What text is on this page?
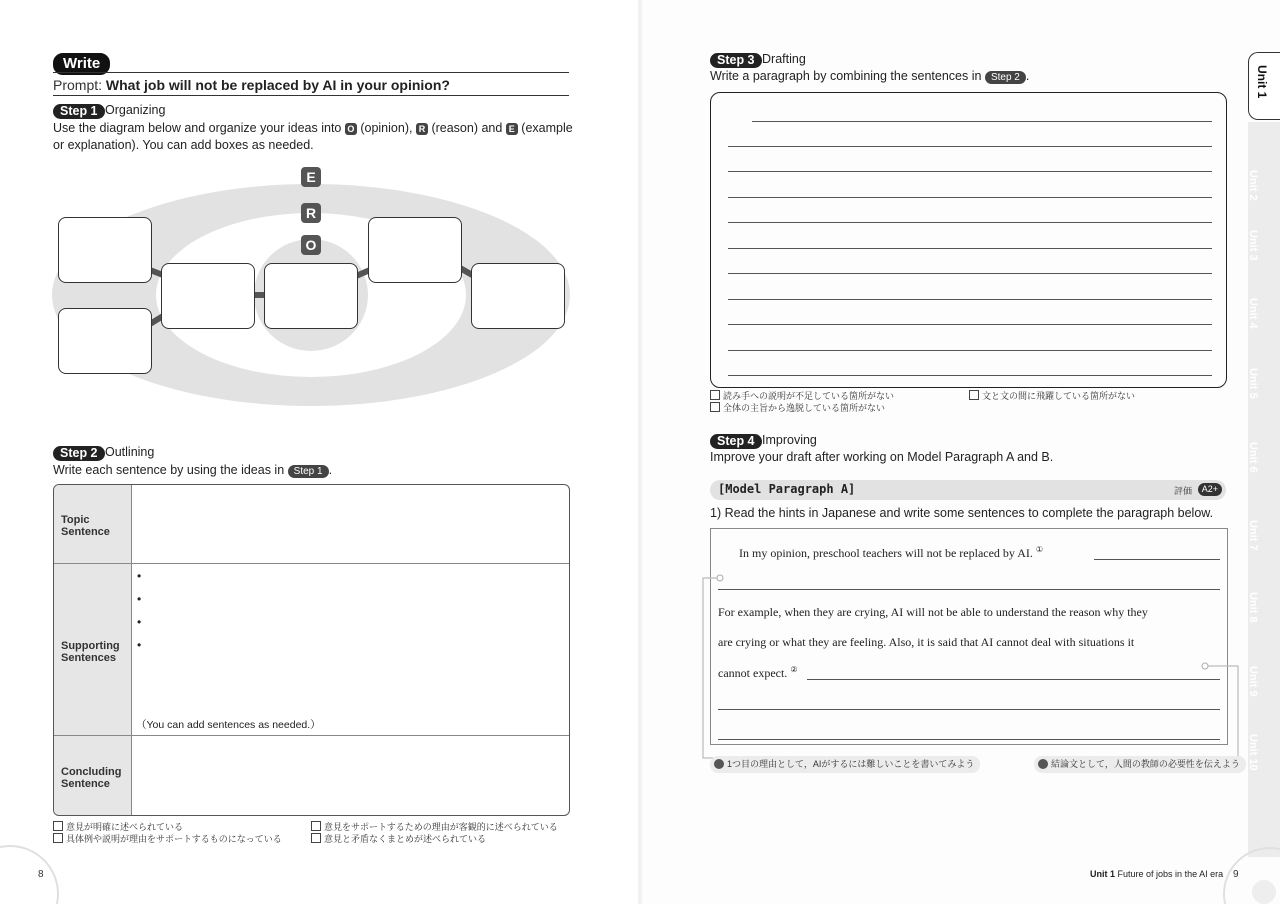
Write
Prompt: What job will not be replaced by AI in your opinion?
Step 1 Organizing
Use the diagram below and organize your ideas into O (opinion), R (reason) and E (example
or explanation). You can add boxes as needed.
E
R
O
Step 2 Outlining
Write each sentence by using the ideas in Step 1 .
Topic
Sentence
Supporting
Sentences
Concluding
Sentence
•
•
•
•
（You can add sentences as needed.）
意見が明確に述べられている
具体例や説明が理由をサポートするものになっている
意見をサポートするための理由が客観的に述べられている
意見と矛盾なくまとめが述べられている
8
Step 3 Drafting
Write a paragraph by combining the sentences in Step 2 .
読み手への説明が不足している箇所がない
全体の主旨から逸脱している箇所がない
文と文の間に飛躍している箇所がない
Step 4 Improving
Improve your draft after working on Model Paragraph A and B.
[Model Paragraph A]	評価	A2+
1) Read the hints in Japanese and write some sentences to complete the paragraph below.
In my opinion, preschool teachers will not be replaced by AI. ①
For example, when they are crying, AI will not be able to understand the reason why they
are crying or what they are feeling. Also, it is said that AI cannot deal with situations it
cannot expect. ②
1つ目の理由として，AIがするには難しいことを書いてみよう	結論文として，人間の教師の必要性を伝えよう
Unit 1
Unit 2
Unit 3
Unit 4
Unit 5
Unit 6
Unit 7
Unit 8
Unit 9
Unit 10
Unit 1 Future of jobs in the AI era 9
